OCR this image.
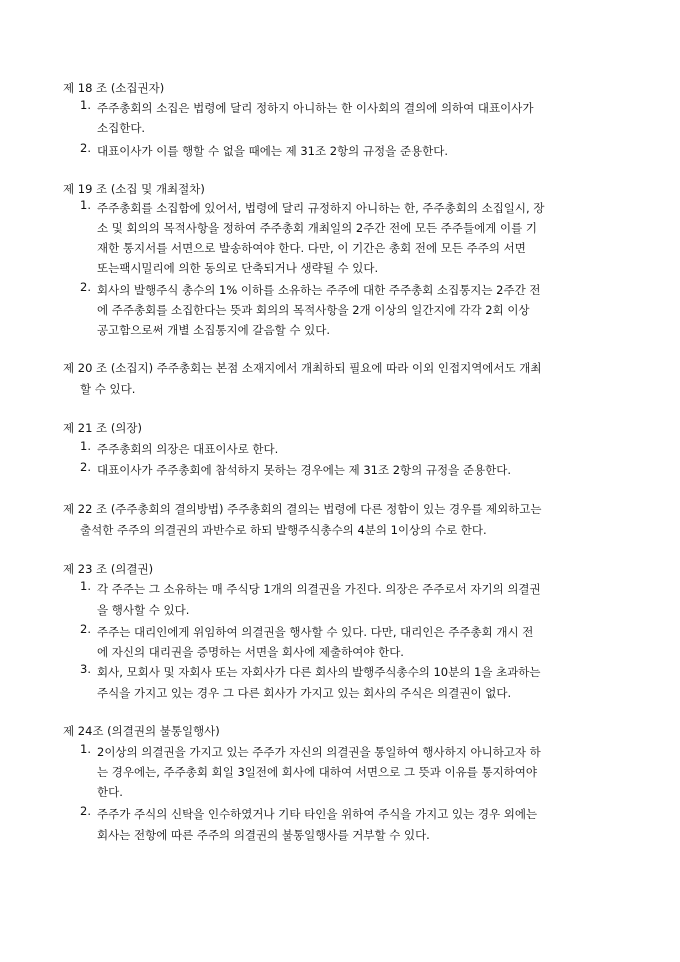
제 18 조 (소집권자)
1. 주주총회의 소집은 법령에 달리 정하지 아니하는 한 이사회의 결의에 의하여 대표이사가
소집한다.
2. 대표이사가 이를 행할 수 없을 때에는 제 31조 2항의 규정을 준용한다.
제 19 조 (소집 및 개최절차)
1. 주주총회를 소집함에 있어서, 법령에 달리 규정하지 아니하는 한, 주주총회의 소집일시, 장
소 및 회의의 목적사항을 정하여 주주총회 개최일의 2주간 전에 모든 주주들에게 이를 기
재한 통지서를 서면으로 발송하여야 한다. 다만, 이 기간은 총회 전에 모든 주주의 서면
또는팩시밀리에 의한 동의로 단축되거나 생략될 수 있다.
2. 회사의 발행주식 총수의 1% 이하를 소유하는 주주에 대한 주주총회 소집통지는 2주간 전
에 주주총회를 소집한다는 뜻과 회의의 목적사항을 2개 이상의 일간지에 각각 2회 이상
공고함으로써 개별 소집통지에 갈음할 수 있다.
제 20 조 (소집지) 주주총회는 본점 소재지에서 개최하되 필요에 따라 이외 인접지역에서도 개최
할 수 있다.
제 21 조 (의장)
1. 주주총회의 의장은 대표이사로 한다.
2. 대표이사가 주주총회에 참석하지 못하는 경우에는 제 31조 2항의 규정을 준용한다.
제 22 조 (주주총회의 결의방법) 주주총회의 결의는 법령에 다른 정함이 있는 경우를 제외하고는
출석한 주주의 의결권의 과반수로 하되 발행주식총수의 4분의 1이상의 수로 한다.
제 23 조 (의결권)
1. 각 주주는 그 소유하는 매 주식당 1개의 의결권을 가진다. 의장은 주주로서 자기의 의결권
을 행사할 수 있다.
2. 주주는 대리인에게 위임하여 의결권을 행사할 수 있다. 다만, 대리인은 주주총회 개시 전
에 자신의 대리권을 증명하는 서면을 회사에 제출하여야 한다.
3. 회사, 모회사 및 자회사 또는 자회사가 다른 회사의 발행주식총수의 10분의 1을 초과하는
주식을 가지고 있는 경우 그 다른 회사가 가지고 있는 회사의 주식은 의결권이 없다.
제 24조 (의결권의 불통일행사)
1. 2이상의 의결권을 가지고 있는 주주가 자신의 의결권을 통일하여 행사하지 아니하고자 하
는 경우에는, 주주총회 회일 3일전에 회사에 대하여 서면으로 그 뜻과 이유를 통지하여야
한다.
2. 주주가 주식의 신탁을 인수하였거나 기타 타인을 위하여 주식을 가지고 있는 경우 외에는
회사는 전항에 따른 주주의 의결권의 불통일행사를 거부할 수 있다.
